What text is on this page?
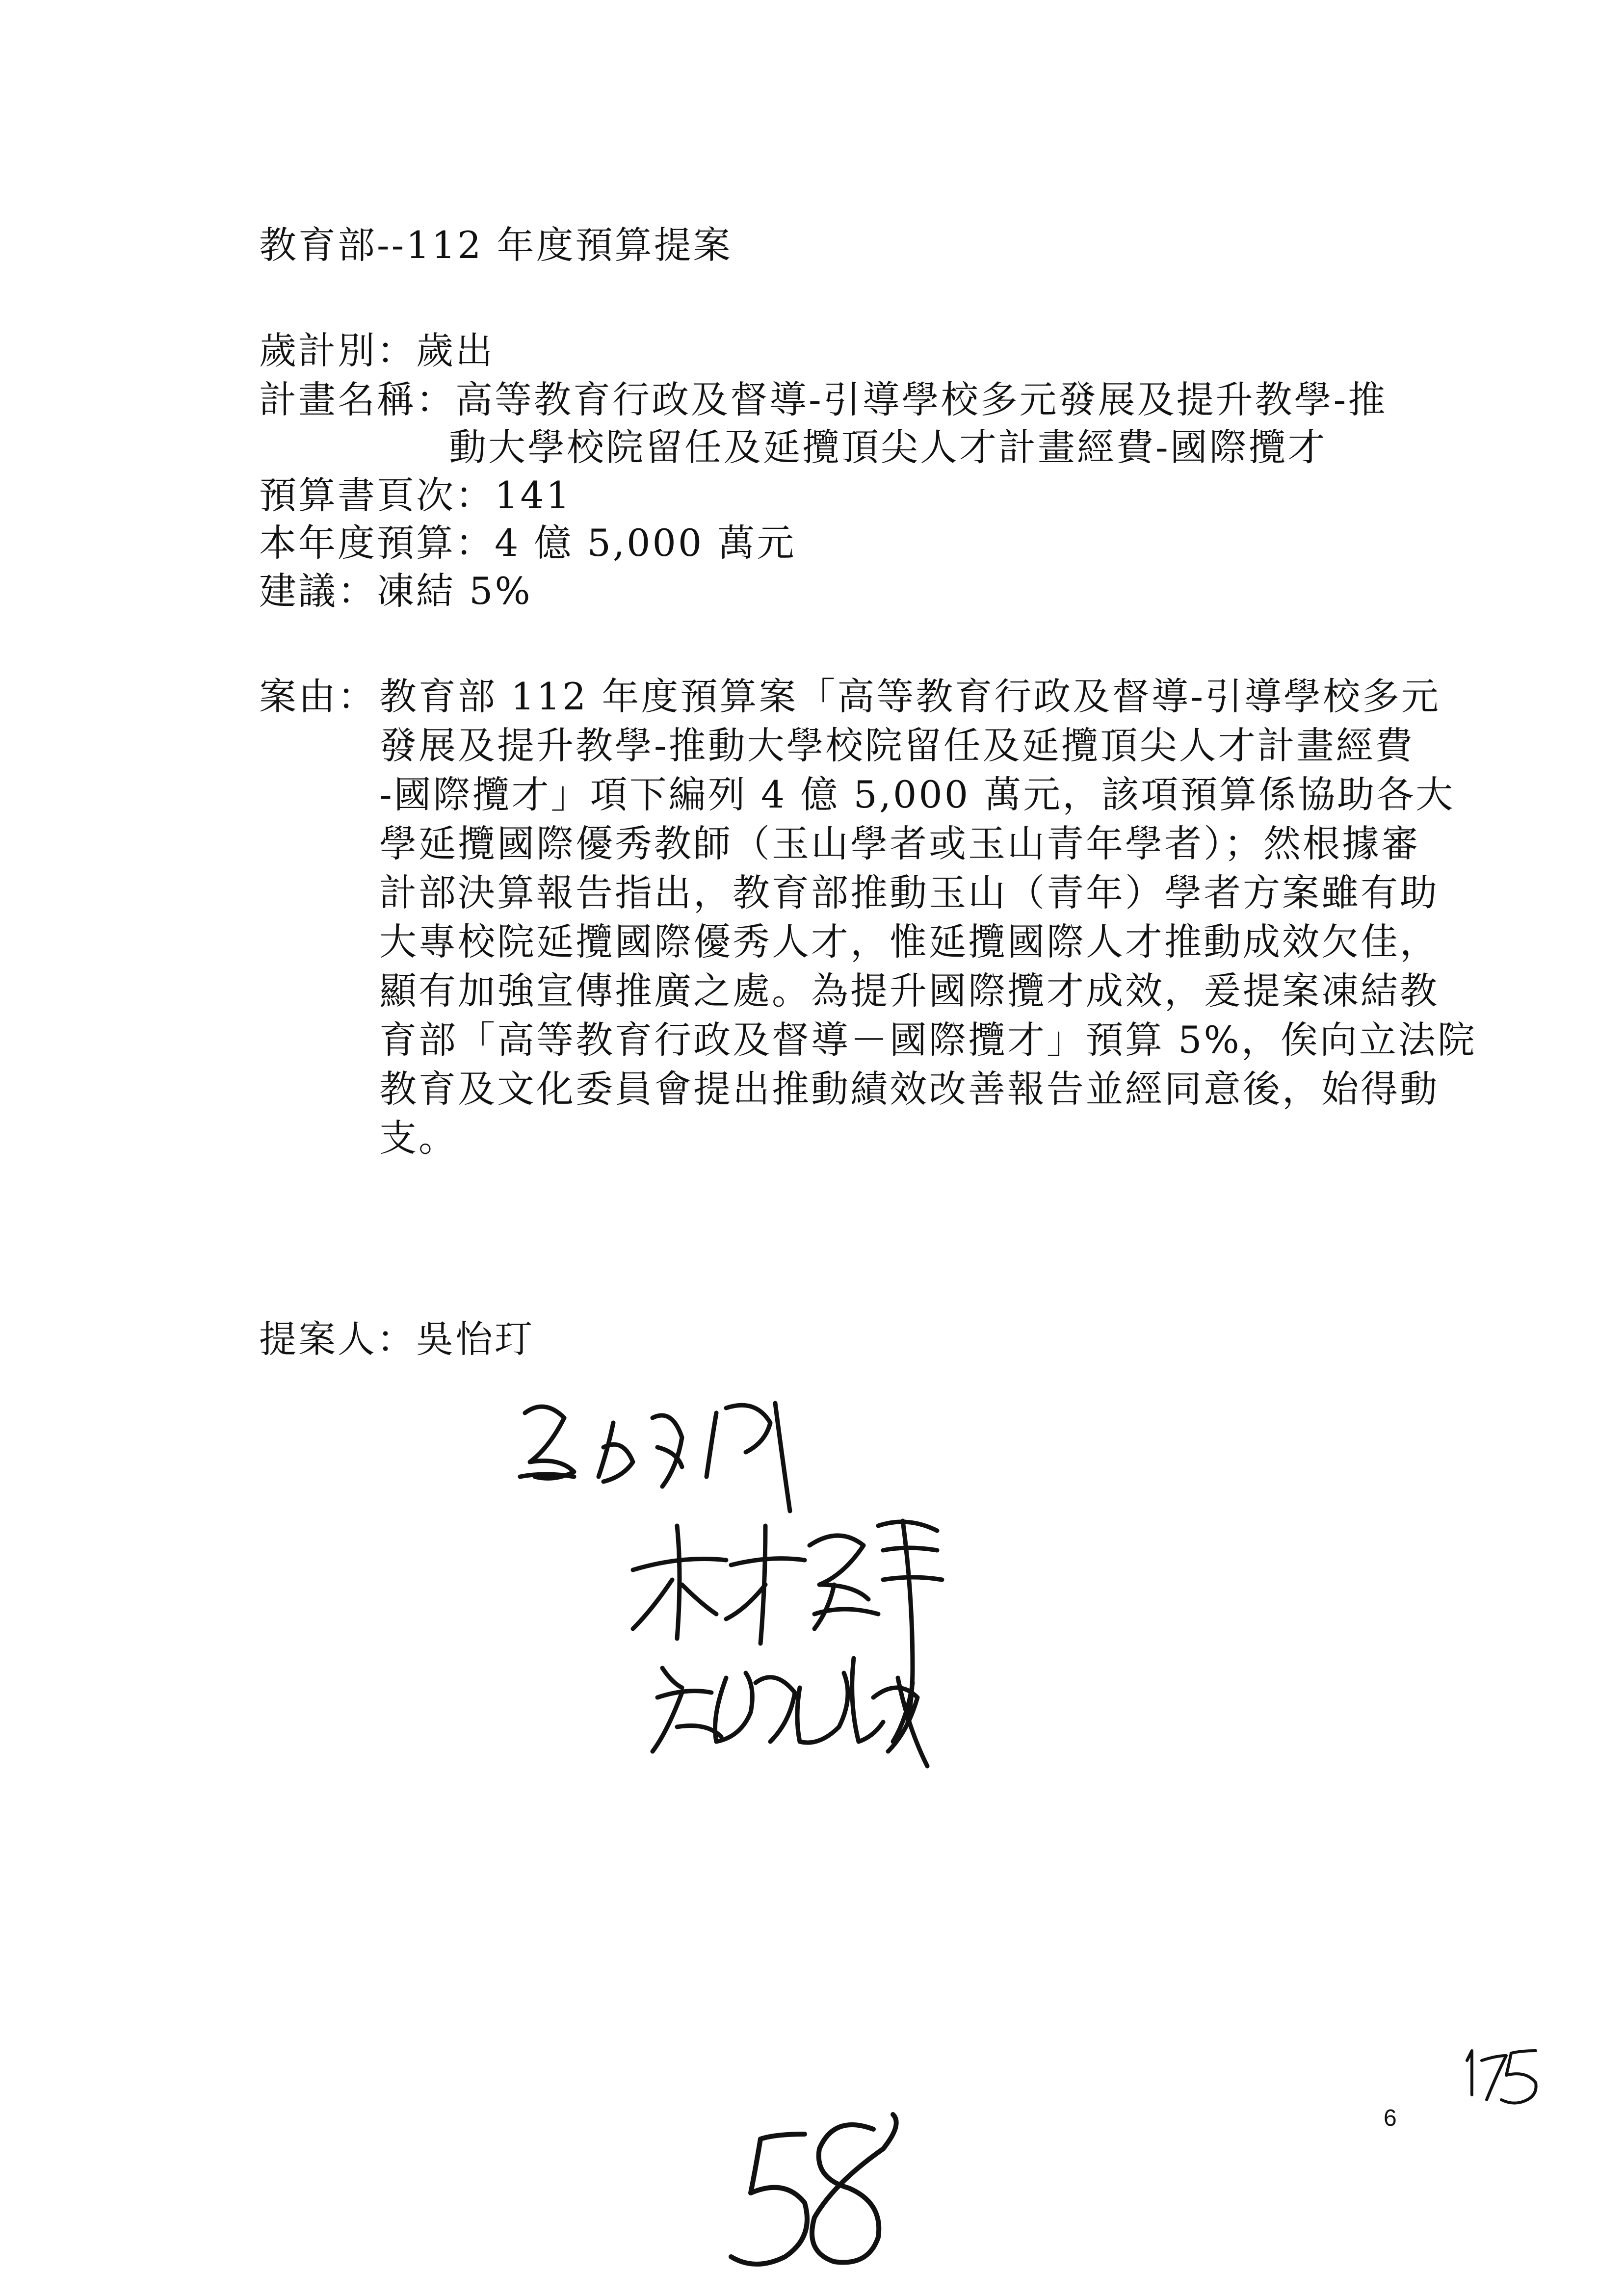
教育部--112 年度預算提案
歲計別：歲出
計畫名稱：高等教育行政及督導-引導學校多元發展及提升教學-推
動大學校院留任及延攬頂尖人才計畫經費-國際攬才
預算書頁次：141
本年度預算：4 億 5,000 萬元
建議：凍結 5%
案由： 教育部 112 年度預算案「高等教育行政及督導-引導學校多元
發展及提升教學-推動大學校院留任及延攬頂尖人才計畫經費
-國際攬才」項下編列 4 億 5,000 萬元，該項預算係協助各大
學延攬國際優秀教師（玉山學者或玉山青年學者）；然根據審
計部決算報告指出，教育部推動玉山（青年）學者方案雖有助
大專校院延攬國際優秀人才，惟延攬國際人才推動成效欠佳，
顯有加強宣傳推廣之處。為提升國際攬才成效，爰提案凍結教
育部「高等教育行政及督導－國際攬才」預算 5%，俟向立法院
教育及文化委員會提出推動績效改善報告並經同意後，始得動
支。
提案人：吳怡玎
6
